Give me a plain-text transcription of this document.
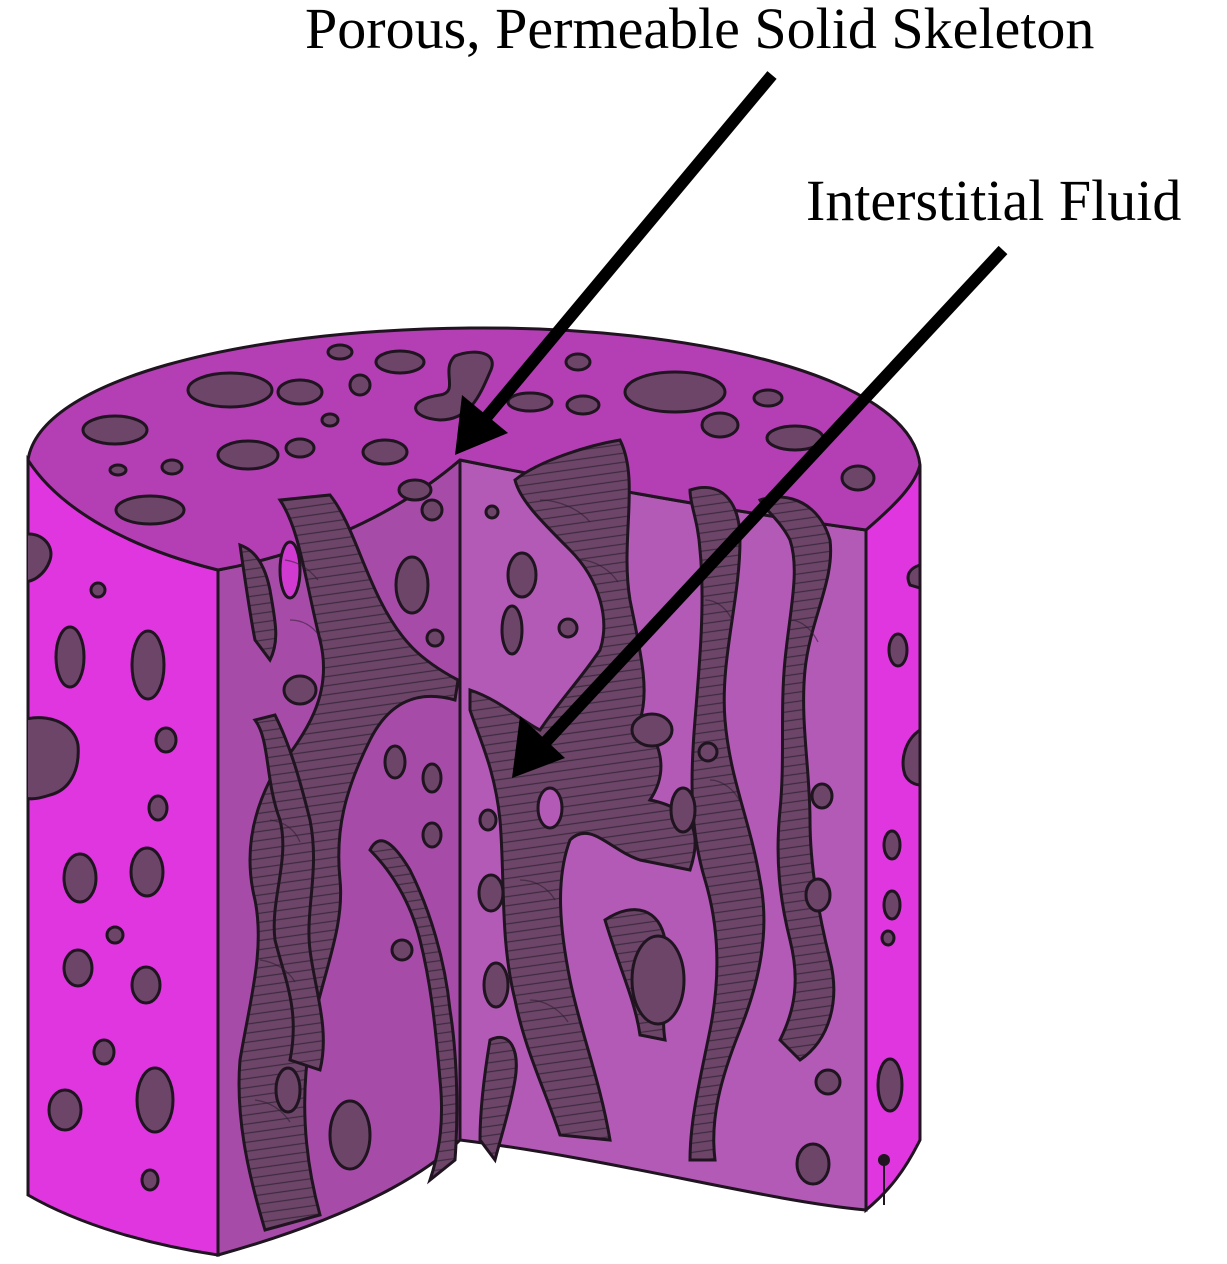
Porous, Permeable Solid Skeleton
Interstitial Fluid
